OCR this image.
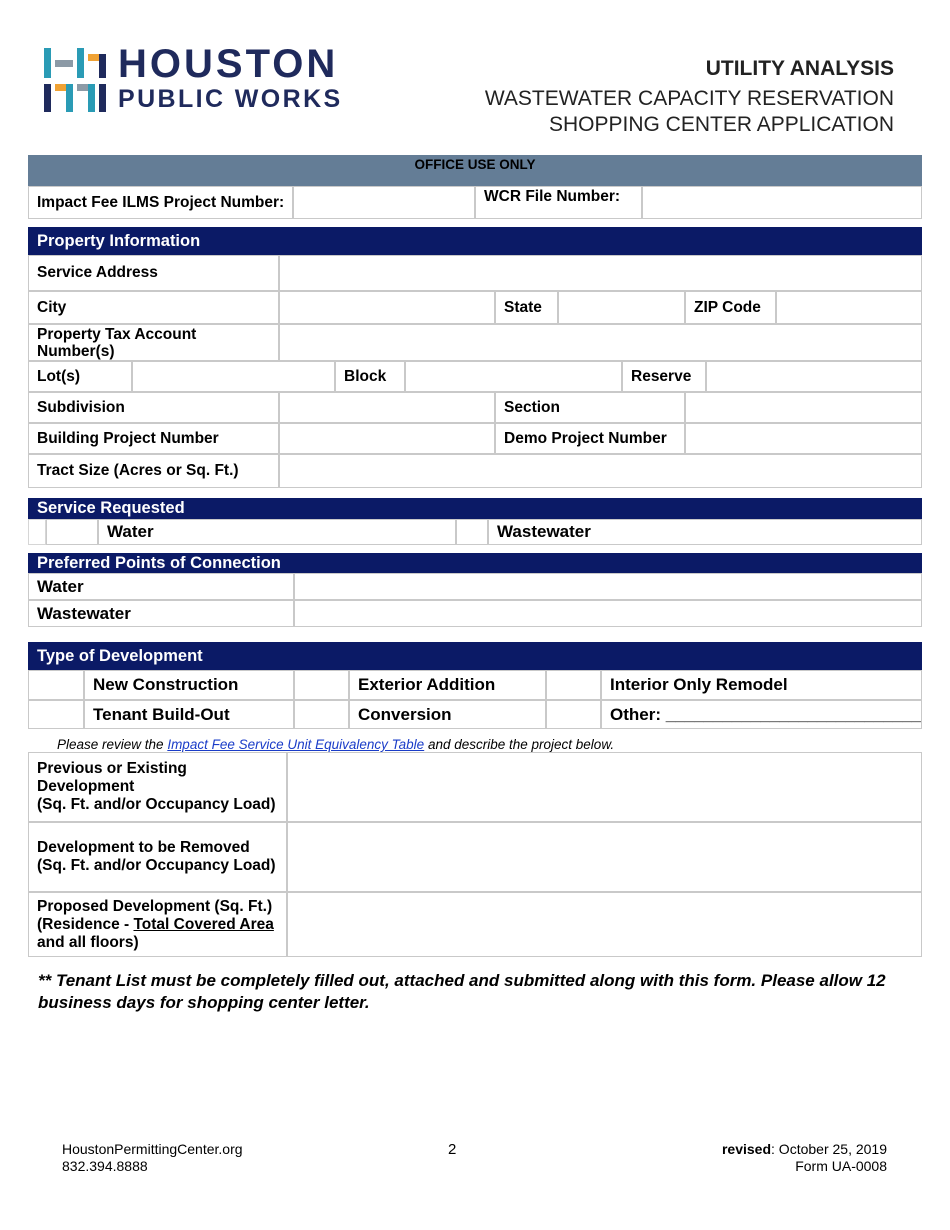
HOUSTON
PUBLIC WORKS
UTILITY ANALYSIS
WASTEWATER CAPACITY RESERVATION
SHOPPING CENTER APPLICATION
OFFICE USE ONLY
Impact Fee ILMS Project Number:	WCR File Number:
Property Information
Service Address
City	State	ZIP Code
Property Tax Account Number(s)
Lot(s)	Block	Reserve
Subdivision	Section
Building Project Number	Demo Project Number
Tract Size (Acres or Sq. Ft.)
Service Requested
Water	Wastewater
Preferred Points of Connection
Water
Wastewater
Type of Development
New Construction	Exterior Addition	Interior Only Remodel
Tenant Build-Out	Conversion	Other: ___________________________
Please review the Impact Fee Service Unit Equivalency Table and describe the project below.
Previous or Existing
Development
(Sq. Ft. and/or Occupancy Load)
Development to be Removed
(Sq. Ft. and/or Occupancy Load)
Proposed Development (Sq. Ft.)
(Residence - Total Covered Area
and all floors)
** Tenant List must be completely filled out, attached and submitted along with this form. Please allow 12 business days for shopping center letter.
HoustonPermittingCenter.org
832.394.8888
2	revised: October 25, 2019
Form UA-0008
